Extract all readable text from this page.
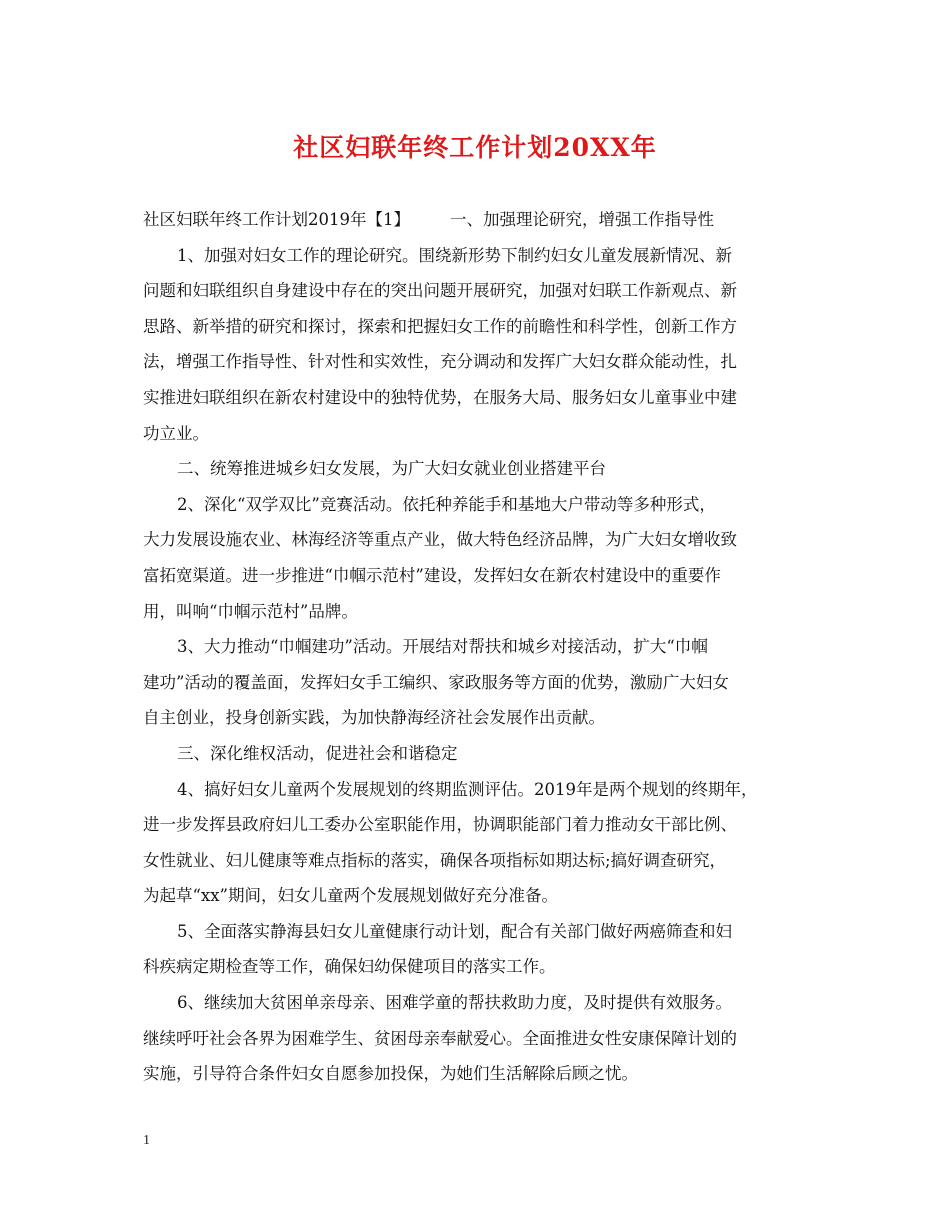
社区妇联年终工作计划20XX年
社区妇联年终工作计划2019年【1】 一、加强理论研究，增强工作指导性
1、加强对妇女工作的理论研究。围绕新形势下制约妇女儿童发展新情况、新
问题和妇联组织自身建设中存在的突出问题开展研究，加强对妇联工作新观点、新
思路、新举措的研究和探讨，探索和把握妇女工作的前瞻性和科学性，创新工作方
法，增强工作指导性、针对性和实效性，充分调动和发挥广大妇女群众能动性，扎
实推进妇联组织在新农村建设中的独特优势，在服务大局、服务妇女儿童事业中建
功立业。
二、统筹推进城乡妇女发展，为广大妇女就业创业搭建平台
2、深化“双学双比”竞赛活动。依托种养能手和基地大户带动等多种形式，
大力发展设施农业、林海经济等重点产业，做大特色经济品牌，为广大妇女增收致
富拓宽渠道。进一步推进“巾帼示范村”建设，发挥妇女在新农村建设中的重要作
用，叫响“巾帼示范村”品牌。
3、大力推动“巾帼建功”活动。开展结对帮扶和城乡对接活动，扩大“巾帼
建功”活动的覆盖面，发挥妇女手工编织、家政服务等方面的优势，激励广大妇女
自主创业，投身创新实践，为加快静海经济社会发展作出贡献。
三、深化维权活动，促进社会和谐稳定
4、搞好妇女儿童两个发展规划的终期监测评估。2019年是两个规划的终期年，
进一步发挥县政府妇儿工委办公室职能作用，协调职能部门着力推动女干部比例、
女性就业、妇儿健康等难点指标的落实，确保各项指标如期达标;搞好调查研究，
为起草“xx”期间，妇女儿童两个发展规划做好充分准备。
5、全面落实静海县妇女儿童健康行动计划，配合有关部门做好两癌筛查和妇
科疾病定期检查等工作，确保妇幼保健项目的落实工作。
6、继续加大贫困单亲母亲、困难学童的帮扶救助力度，及时提供有效服务。
继续呼吁社会各界为困难学生、贫困母亲奉献爱心。全面推进女性安康保障计划的
实施，引导符合条件妇女自愿参加投保，为她们生活解除后顾之忧。
1
